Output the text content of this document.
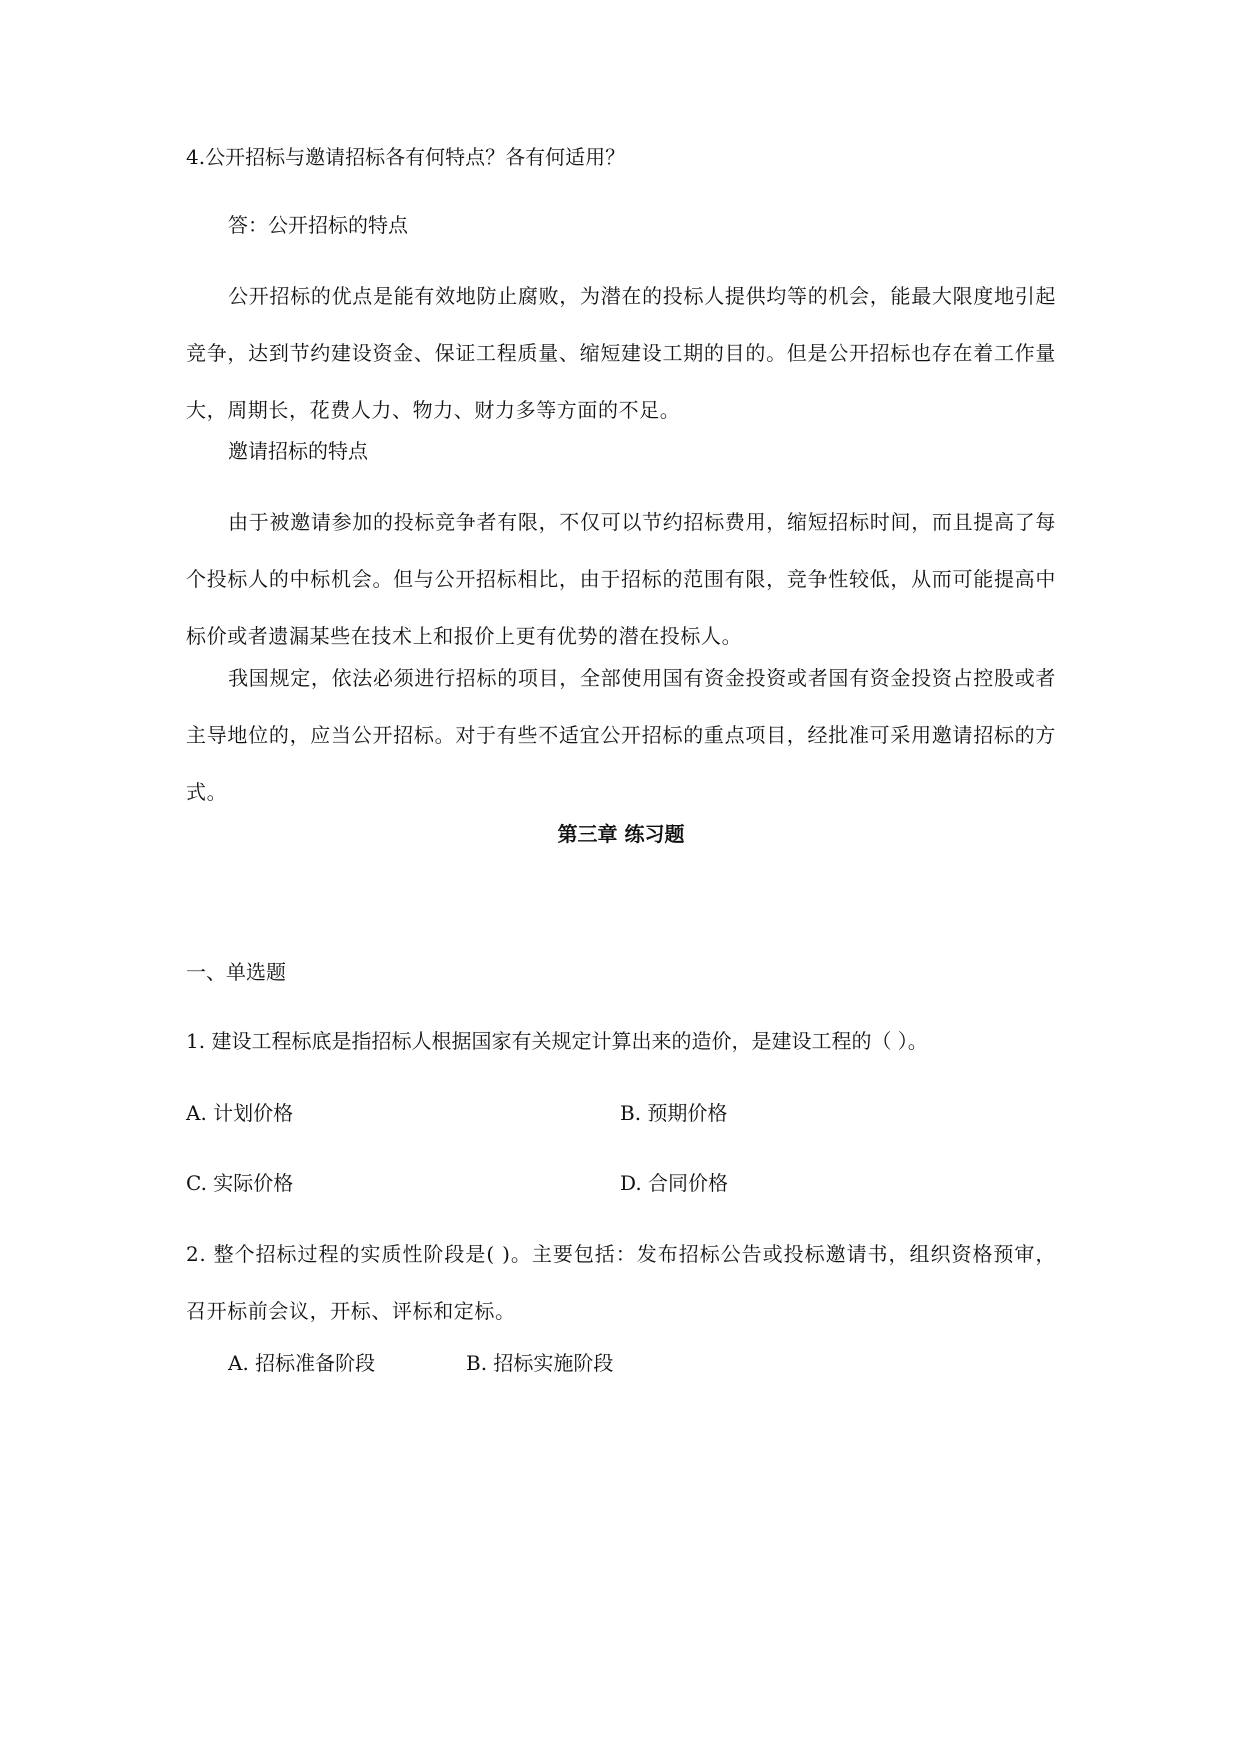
4.公开招标与邀请招标各有何特点？各有何适用？
答：公开招标的特点
公开招标的优点是能有效地防止腐败，为潜在的投标人提供均等的机会，能最大限度地引起竞争，达到节约建设资金、保证工程质量、缩短建设工期的目的。但是公开招标也存在着工作量大，周期长，花费人力、物力、财力多等方面的不足。
邀请招标的特点
由于被邀请参加的投标竞争者有限，不仅可以节约招标费用，缩短招标时间，而且提高了每个投标人的中标机会。但与公开招标相比，由于招标的范围有限，竞争性较低，从而可能提高中标价或者遗漏某些在技术上和报价上更有优势的潜在投标人。
我国规定，依法必须进行招标的项目，全部使用国有资金投资或者国有资金投资占控股或者主导地位的，应当公开招标。对于有些不适宜公开招标的重点项目，经批准可采用邀请招标的方式。
第三章 练习题
一、单选题
1. 建设工程标底是指招标人根据国家有关规定计算出来的造价，是建设工程的（ ）。
A. 计划价格	B. 预期价格
C. 实际价格	D. 合同价格
2. 整个招标过程的实质性阶段是( )。主要包括：发布招标公告或投标邀请书，组织资格预审，召开标前会议，开标、评标和定标。
A. 招标准备阶段	B. 招标实施阶段
